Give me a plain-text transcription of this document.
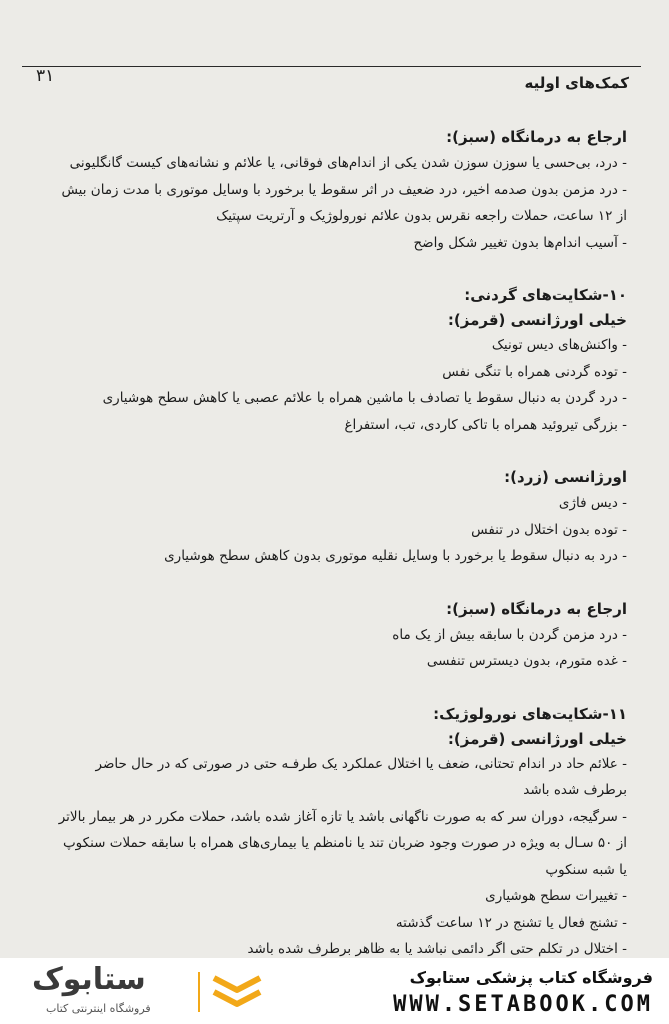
۳۱	کمک‌های اولیه

ارجاع به درمانگاه (سبز):

- درد، بی‌حسی یا سوزن سوزن شدن یکی از اندام‌های فوقانی، یا علائم و نشانه‌های کیست گانگلیونی

- درد مزمن بدون صدمه اخیر، درد ضعیف در اثر سقوط یا برخورد با وسایل موتوری با مدت زمان بیش

از ۱۲ ساعت، حملات راجعه نقرس بدون علائم نورولوژیک و آرتریت سپتیک

- آسیب اندام‌ها بدون تغییر شکل واضح

۱۰-شکایت‌های گردنی:

خیلی اورژانسی (قرمز):

- واکنش‌های دیس تونیک

- توده گردنی همراه با تنگی نفس

- درد گردن به دنبال سقوط یا تصادف با ماشین همراه با علائم عصبی یا کاهش سطح هوشیاری

- بزرگی تیروئید همراه با تاکی کاردی، تب، استفراغ

اورژانسی (زرد):

- دیس فاژی

- توده بدون اختلال در تنفس

- درد به دنبال سقوط یا برخورد با وسایل نقلیه موتوری بدون کاهش سطح هوشیاری

ارجاع به درمانگاه (سبز):

- درد مزمن گردن با سابقه بیش از یک ماه

- غده متورم، بدون دیسترس تنفسی

۱۱-شکایت‌های نورولوژیک:

خیلی اورژانسی (قرمز):

- علائم حاد در اندام تحتانی، ضعف یا اختلال عملکرد یک طرفـه حتی در صورتی که در حال حاضر

برطرف شده باشد

- سرگیجه، دوران سر که به صورت ناگهانی باشد یا تازه آغاز شده باشد، حملات مکرر در هر بیمار بالاتر

از ۵۰ سـال به ویژه در صورت وجود ضربان تند یا نامنظم یا بیماری‌های همراه با سابقه حملات سنکوپ

یا شبه سنکوپ

- تغییرات سطح هوشیاری

- تشنج فعال یا تشنج در ۱۲ ساعت گذشته

- اختلال در تکلم حتی اگر دائمی نباشد یا به ظاهر برطرف شده باشد

ستابوک
فروشگاه اینترنتی کتاب
فروشگاه کتاب پزشکی ستابوک
WWW.SETABOOK.COM
